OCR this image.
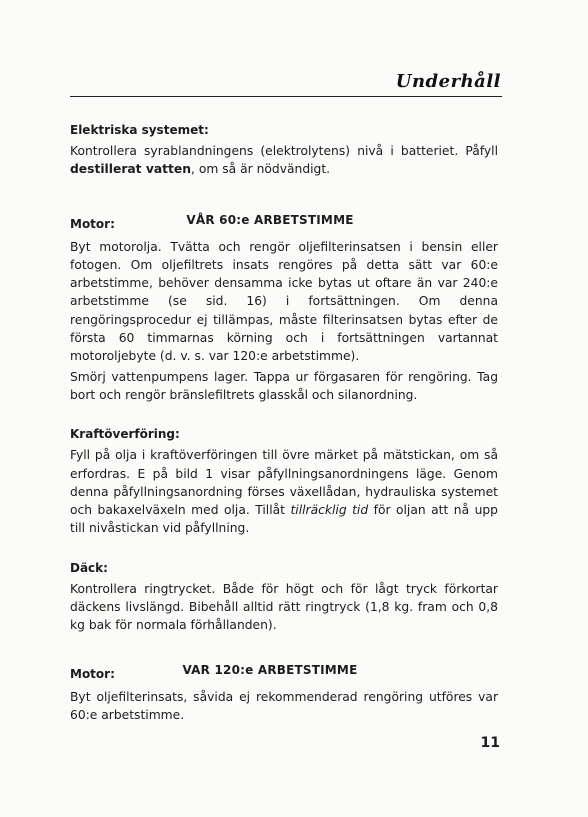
Underhåll
Elektriska systemet:

Kontrollera syrablandningens (elektrolytens) nivå i batteriet. Påfyll destillerat vatten, om så är nödvändigt.

Motor:	VÅR 60:e ARBETSTIMME

Byt motorolja. Tvätta och rengör oljefilterinsatsen i bensin eller fotogen. Om oljefiltrets insats rengöres på detta sätt var 60:e arbetstimme, behöver densamma icke bytas ut oftare än var 240:e arbetstimme (se sid. 16) i fortsättningen. Om denna rengöringsprocedur ej tillämpas, måste filterinsatsen bytas efter de första 60 timmarnas körning och i fortsättningen vartannat motoroljebyte (d. v. s. var 120:e arbetstimme).

Smörj vattenpumpens lager. Tappa ur förgasaren för rengöring. Tag bort och rengör bränslefiltrets glasskål och silanordning.

Kraftöverföring:

Fyll på olja i kraftöverföringen till övre märket på mätstickan, om så erfordras. E på bild 1 visar påfyllningsanordningens läge. Genom denna påfyllningsanordning förses växellådan, hydrauliska systemet och bakaxelväxeln med olja. Tillåt tillräcklig tid för oljan att nå upp till nivåstickan vid påfyllning.

Däck:

Kontrollera ringtrycket. Både för högt och för lågt tryck förkortar däckens livslängd. Bibehåll alltid rätt ringtryck (1,8 kg. fram och 0,8 kg bak för normala förhållanden).

Motor:	VAR 120:e ARBETSTIMME

Byt oljefilterinsats, såvida ej rekommenderad rengöring utföres var 60:e arbetstimme.

11
